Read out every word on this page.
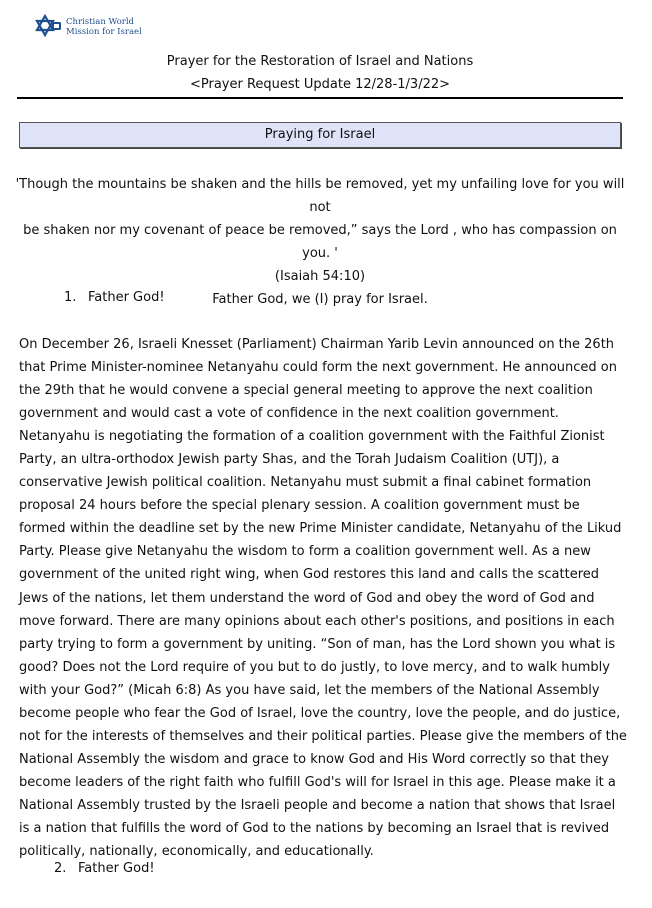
Christian World
Mission for Israel
Prayer for the Restoration of Israel and Nations
<Prayer Request Update 12/28-1/3/22>
Praying for Israel

'Though the mountains be shaken and the hills be removed, yet my unfailing love for you will not

be shaken nor my covenant of peace be removed,” says the Lord , who has compassion on you. '

(Isaiah 54:10)

Father God, we (I) pray for Israel.

1. Father God!

On December 26, Israeli Knesset (Parliament) Chairman Yarib Levin announced on the 26th that Prime Minister-nominee Netanyahu could form the next government. He announced on the 29th that he would convene a special general meeting to approve the next coalition government and would cast a vote of confidence in the next coalition government. Netanyahu is negotiating the formation of a coalition government with the Faithful Zionist Party, an ultra-orthodox Jewish party Shas, and the Torah Judaism Coalition (UTJ), a conservative Jewish political coalition. Netanyahu must submit a final cabinet formation proposal 24 hours before the special plenary session. A coalition government must be formed within the deadline set by the new Prime Minister candidate, Netanyahu of the Likud Party. Please give Netanyahu the wisdom to form a coalition government well. As a new government of the united right wing, when God restores this land and calls the scattered Jews of the nations, let them understand the word of God and obey the word of God and move forward. There are many opinions about each other's positions, and positions in each party trying to form a government by uniting. “Son of man, has the Lord shown you what is good? Does not the Lord require of you but to do justly, to love mercy, and to walk humbly with your God?” (Micah 6:8) As you have said, let the members of the National Assembly become people who fear the God of Israel, love the country, love the people, and do justice, not for the interests of themselves and their political parties. Please give the members of the National Assembly the wisdom and grace to know God and His Word correctly so that they become leaders of the right faith who fulfill God's will for Israel in this age. Please make it a National Assembly trusted by the Israeli people and become a nation that shows that Israel is a nation that fulfills the word of God to the nations by becoming an Israel that is revived politically, nationally, economically, and educationally.

2. Father God!
